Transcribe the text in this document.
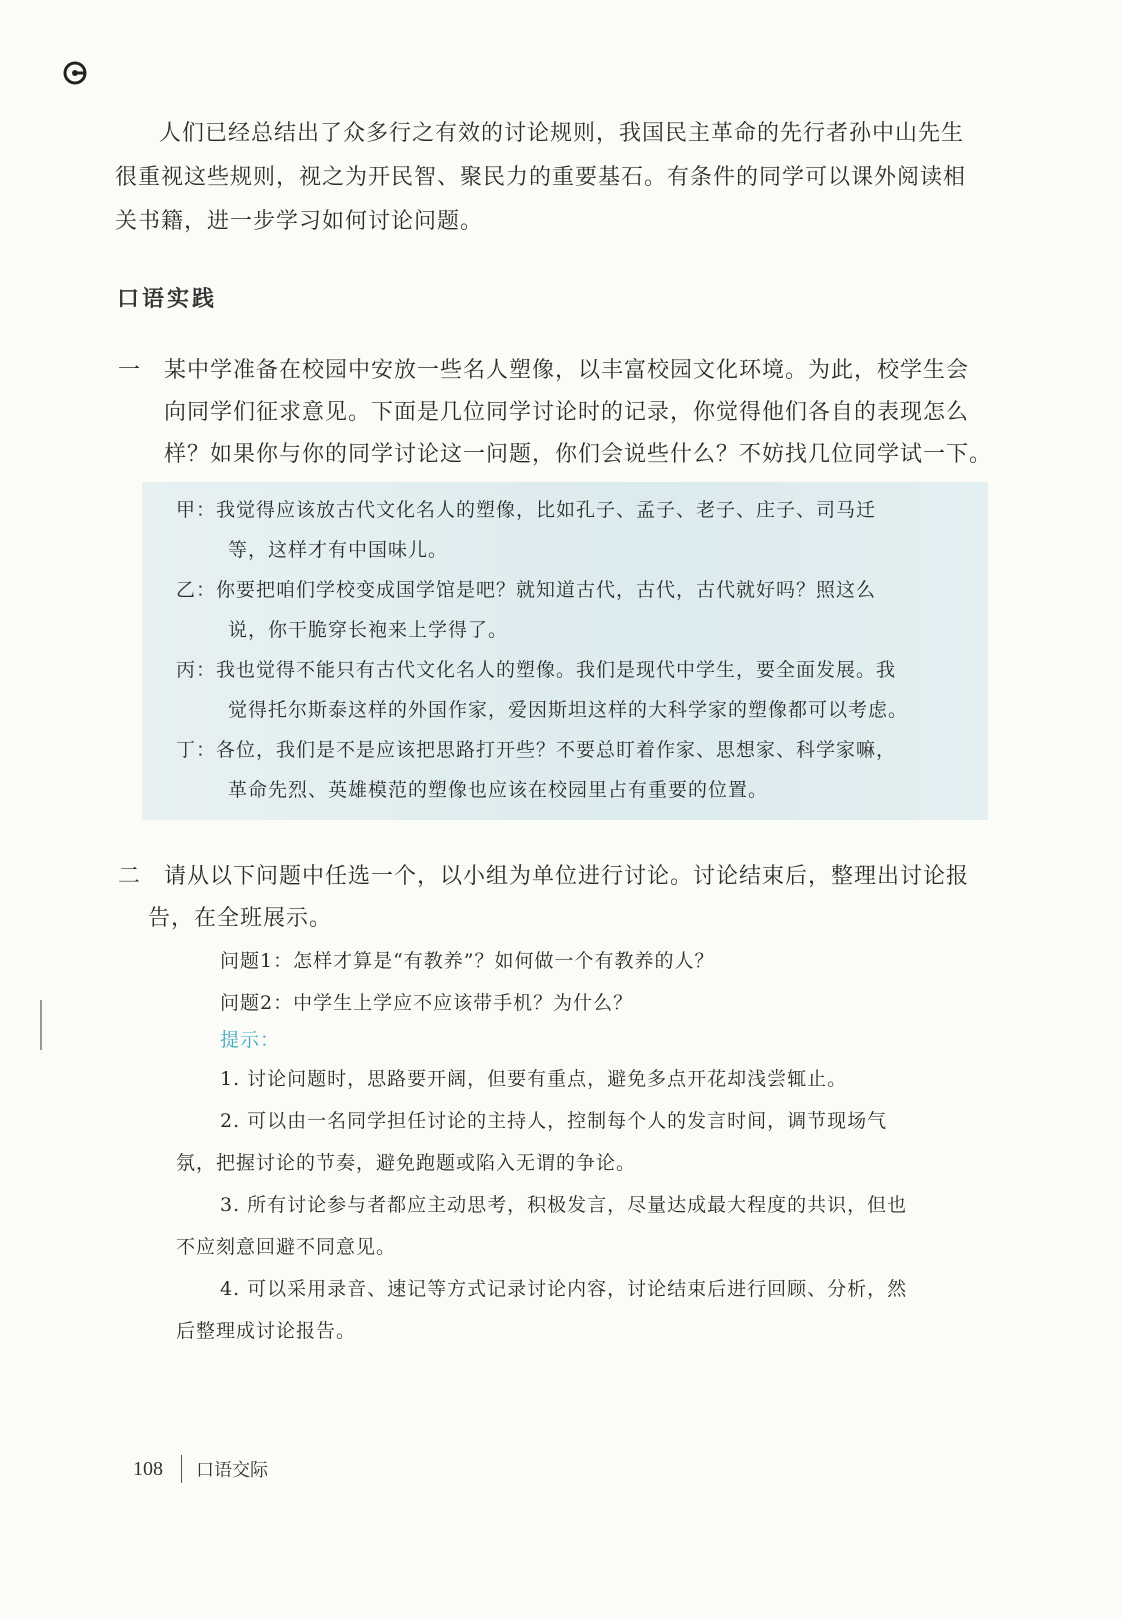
人们已经总结出了众多行之有效的讨论规则，我国民主革命的先行者孙中山先生
很重视这些规则，视之为开民智、聚民力的重要基石。有条件的同学可以课外阅读相
关书籍，进一步学习如何讨论问题。
口语实践
一 某中学准备在校园中安放一些名人塑像，以丰富校园文化环境。为此，校学生会
向同学们征求意见。下面是几位同学讨论时的记录，你觉得他们各自的表现怎么
样？如果你与你的同学讨论这一问题，你们会说些什么？不妨找几位同学试一下。
甲：我觉得应该放古代文化名人的塑像，比如孔子、孟子、老子、庄子、司马迁
等，这样才有中国味儿。
乙：你要把咱们学校变成国学馆是吧？就知道古代，古代，古代就好吗？照这么
说，你干脆穿长袍来上学得了。
丙：我也觉得不能只有古代文化名人的塑像。我们是现代中学生，要全面发展。我
觉得托尔斯泰这样的外国作家，爱因斯坦这样的大科学家的塑像都可以考虑。
丁：各位，我们是不是应该把思路打开些？不要总盯着作家、思想家、科学家嘛，
革命先烈、英雄模范的塑像也应该在校园里占有重要的位置。
二	请从以下问题中任选一个，以小组为单位进行讨论。讨论结束后，整理出讨论报
告，在全班展示。
问题1：怎样才算是“有教养”？如何做一个有教养的人？
问题2：中学生上学应不应该带手机？为什么？
提示：
1. 讨论问题时，思路要开阔，但要有重点，避免多点开花却浅尝辄止。
2. 可以由一名同学担任讨论的主持人，控制每个人的发言时间，调节现场气
氛，把握讨论的节奏，避免跑题或陷入无谓的争论。
3. 所有讨论参与者都应主动思考，积极发言，尽量达成最大程度的共识，但也
不应刻意回避不同意见。
4. 可以采用录音、速记等方式记录讨论内容，讨论结束后进行回顾、分析，然
后整理成讨论报告。
108 口语交际
